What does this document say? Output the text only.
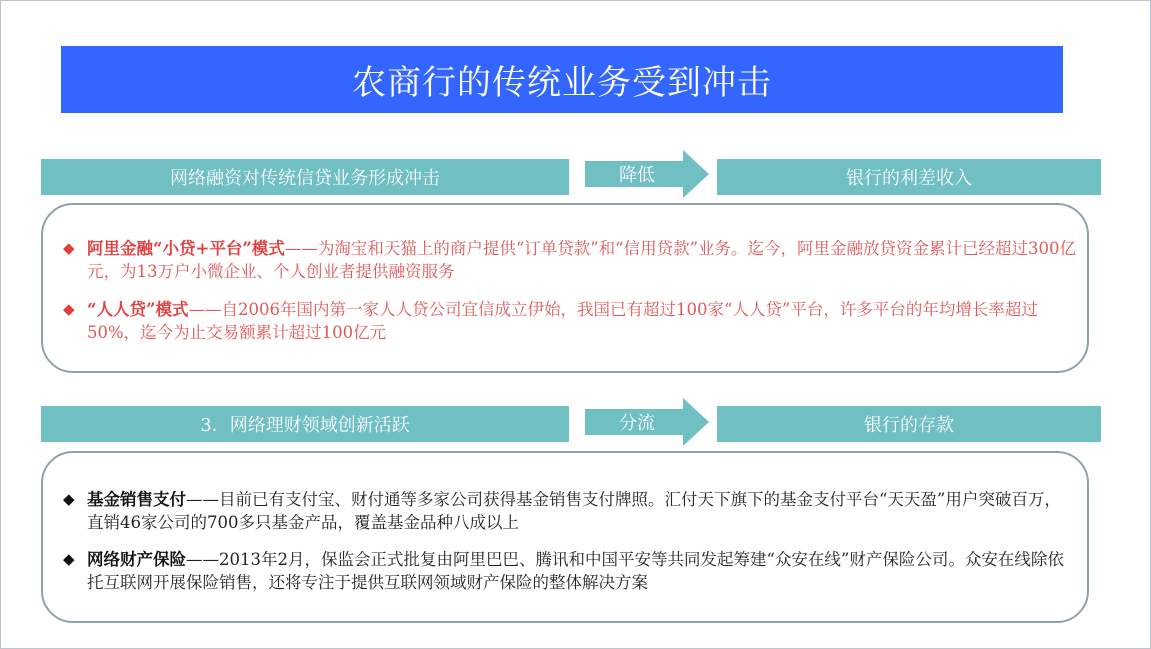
农商行的传统业务受到冲击
网络融资对传统信贷业务形成冲击	降低	银行的利差收入
◆ 阿里金融“小贷+平台”模式——为淘宝和天猫上的商户提供“订单贷款”和“信用贷款”业务。迄今，阿里金融放贷资金累计已经超过300亿元，为13万户小微企业、个人创业者提供融资服务
◆ “人人贷”模式——自2006年国内第一家人人贷公司宜信成立伊始，我国已有超过100家“人人贷”平台，许多平台的年均增长率超过50%，迄今为止交易额累计超过100亿元
3．网络理财领域创新活跃	分流	银行的存款
◆ 基金销售支付——目前已有支付宝、财付通等多家公司获得基金销售支付牌照。汇付天下旗下的基金支付平台“天天盈”用户突破百万，直销46家公司的700多只基金产品，覆盖基金品种八成以上
◆ 网络财产保险——2013年2月，保监会正式批复由阿里巴巴、腾讯和中国平安等共同发起筹建“众安在线”财产保险公司。众安在线除依托互联网开展保险销售，还将专注于提供互联网领域财产保险的整体解决方案
